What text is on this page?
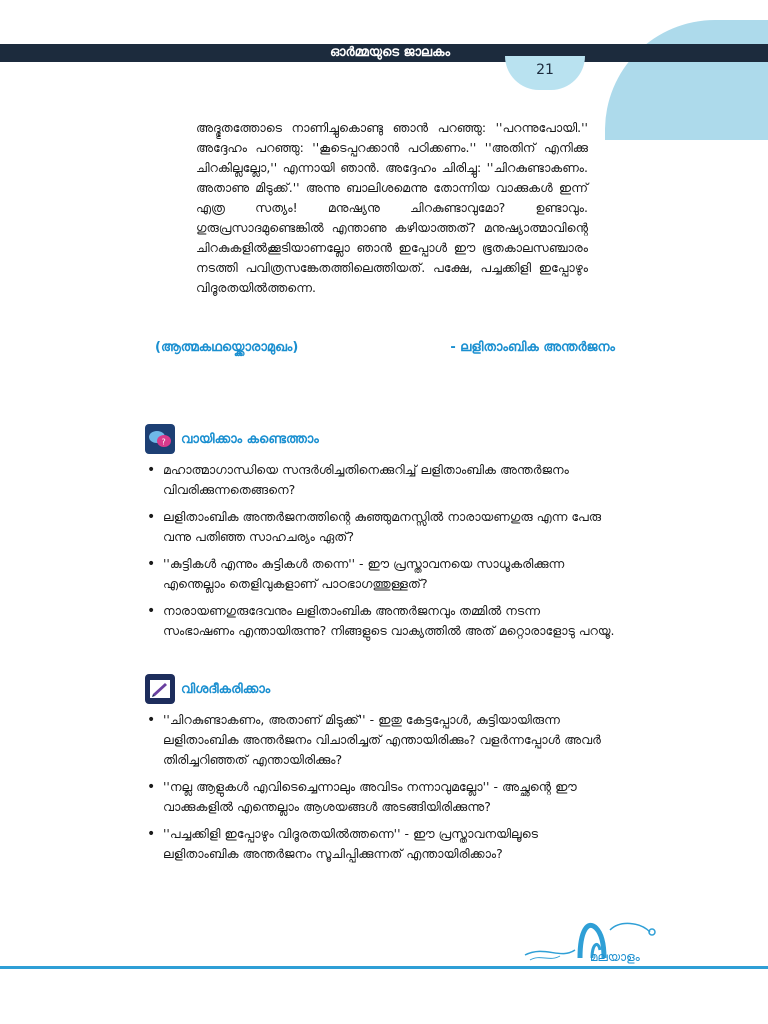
ഓർമ്മയുടെ ജാലകം
21

അദ്ഭുതത്തോടെ നാണിച്ചുകൊണ്ടു ഞാൻ പറഞ്ഞു: ''പറന്നുപോയി.'' അദ്ദേഹം പറഞ്ഞു: ''കൂടെപ്പറക്കാൻ പഠിക്കണം.'' ''അതിന് എനിക്കു ചിറകില്ലല്ലോ,'' എന്നായി ഞാൻ. അദ്ദേഹം ചിരിച്ചു: ''ചിറകുണ്ടാകണം. അതാണു മിടുക്ക്.'' അന്നു ബാലിശമെന്നു തോന്നിയ വാക്കുകൾ ഇന്ന് എത്ര സത്യം! മനുഷ്യനു ചിറകുണ്ടാവുമോ? ഉണ്ടാവും. ഗുരുപ്രസാദമുണ്ടെങ്കിൽ എന്താണു കഴിയാത്തത്? മനുഷ്യാത്മാവിന്റെ ചിറകുകളിൽക്കൂടിയാണല്ലോ ഞാൻ ഇപ്പോൾ ഈ ഭൂതകാലസഞ്ചാരം നടത്തി പവിത്രസങ്കേതത്തിലെത്തിയത്. പക്ഷേ, പച്ചക്കിളി ഇപ്പോഴും വിദൂരതയിൽത്തന്നെ.

(ആത്മകഥയ്ക്കൊരാമുഖം)	- ലളിതാംബിക അന്തർജനം
? വായിക്കാം കണ്ടെത്താം
• മഹാത്മാഗാന്ധിയെ സന്ദർശിച്ചതിനെക്കുറിച്ച് ലളിതാംബിക അന്തർജനം വിവരിക്കുന്നതെങ്ങനെ?
• ലളിതാംബിക അന്തർജനത്തിന്റെ കുഞ്ഞുമനസ്സിൽ നാരായണഗുരു എന്ന പേരു വന്നു പതിഞ്ഞ സാഹചര്യം ഏത്?
• ''കുട്ടികൾ എന്നും കുട്ടികൾ തന്നെ'' - ഈ പ്രസ്താവനയെ സാധൂകരിക്കുന്ന എന്തെല്ലാം തെളിവുകളാണ് പാഠഭാഗത്തുള്ളത്?
• നാരായണഗുരുദേവനും ലളിതാംബിക അന്തർജനവും തമ്മിൽ നടന്ന സംഭാഷണം എന്തായിരുന്നു? നിങ്ങളുടെ വാക്യത്തിൽ അത് മറ്റൊരാളോടു പറയൂ.
വിശദീകരിക്കാം
• ''ചിറകുണ്ടാകണം, അതാണ് മിടുക്ക്'' - ഇതു കേട്ടപ്പോൾ, കുട്ടിയായിരുന്ന ലളിതാംബിക അന്തർജനം വിചാരിച്ചത് എന്തായിരിക്കും? വളർന്നപ്പോൾ അവർ തിരിച്ചറിഞ്ഞത് എന്തായിരിക്കും?
• ''നല്ല ആളുകൾ എവിടെച്ചെന്നാലും അവിടം നന്നാവുമല്ലോ'' - അച്ഛന്റെ ഈ വാക്കുകളിൽ എന്തെല്ലാം ആശയങ്ങൾ അടങ്ങിയിരിക്കുന്നു?
• ''പച്ചക്കിളി ഇപ്പോഴും വിദൂരതയിൽത്തന്നെ'' - ഈ പ്രസ്താവനയിലൂടെ ലളിതാംബിക അന്തർജനം സൂചിപ്പിക്കുന്നത് എന്തായിരിക്കാം?
മലയാളം
